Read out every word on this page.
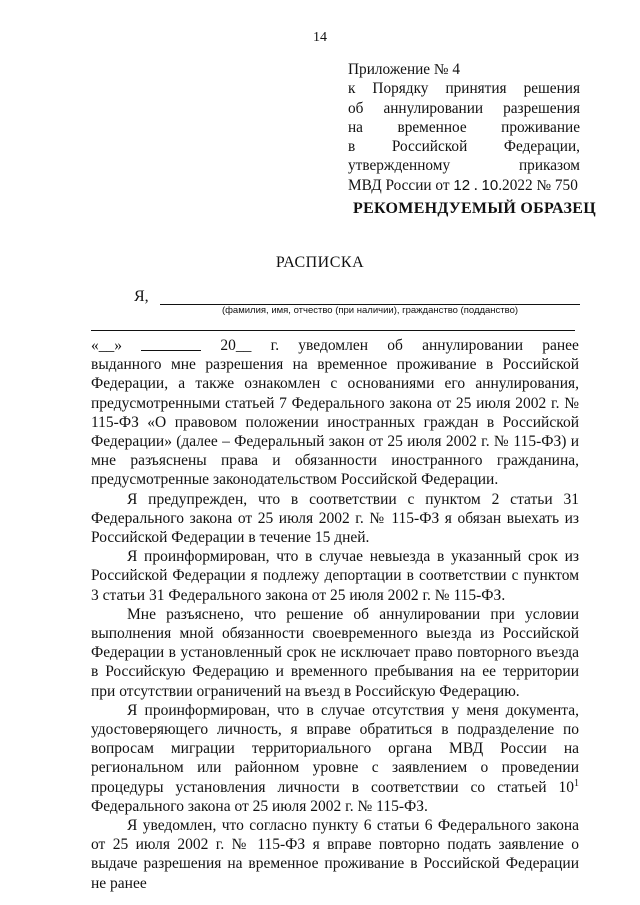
14
Приложение № 4
к Порядку принятия решения
об аннулировании разрешения
на временное проживание
в Российской Федерации,
утвержденному приказом
МВД России от 12 . 10.2022 № 750
РЕКОМЕНДУЕМЫЙ ОБРАЗЕЦ
РАСПИСКА
Я,
(фамилия, имя, отчество (при наличии), гражданство (подданство)
«__»	20__ г. уведомлен об аннулировании ранее

выданного мне разрешения на временное проживание в Российской Федерации, а также ознакомлен с основаниями его аннулирования, предусмотренными статьей 7 Федерального закона от 25 июля 2002 г. № 115-ФЗ «О правовом положении иностранных граждан в Российской Федерации» (далее – Федеральный закон от 25 июля 2002 г. № 115-ФЗ) и мне разъяснены права и обязанности иностранного гражданина, предусмотренные законодательством Российской Федерации.

Я предупрежден, что в соответствии с пунктом 2 статьи 31 Федерального закона от 25 июля 2002 г. № 115-ФЗ я обязан выехать из Российской Федерации в течение 15 дней.

Я проинформирован, что в случае невыезда в указанный срок из Российской Федерации я подлежу депортации в соответствии с пунктом 3 статьи 31 Федерального закона от 25 июля 2002 г. № 115-ФЗ.

Мне разъяснено, что решение об аннулировании при условии выполнения мной обязанности своевременного выезда из Российской Федерации в установленный срок не исключает право повторного въезда в Российскую Федерацию и временного пребывания на ее территории при отсутствии ограничений на въезд в Российскую Федерацию.

Я проинформирован, что в случае отсутствия у меня документа, удостоверяющего личность, я вправе обратиться в подразделение по вопросам миграции территориального органа МВД России на региональном или районном уровне с заявлением о проведении процедуры установления личности в соответствии со статьей $10^1$ Федерального закона от 25 июля 2002 г. № 115-ФЗ.

Я уведомлен, что согласно пункту 6 статьи 6 Федерального закона от 25 июля 2002 г. № 115-ФЗ я вправе повторно подать заявление о выдаче разрешения на временное проживание в Российской Федерации не ранее
